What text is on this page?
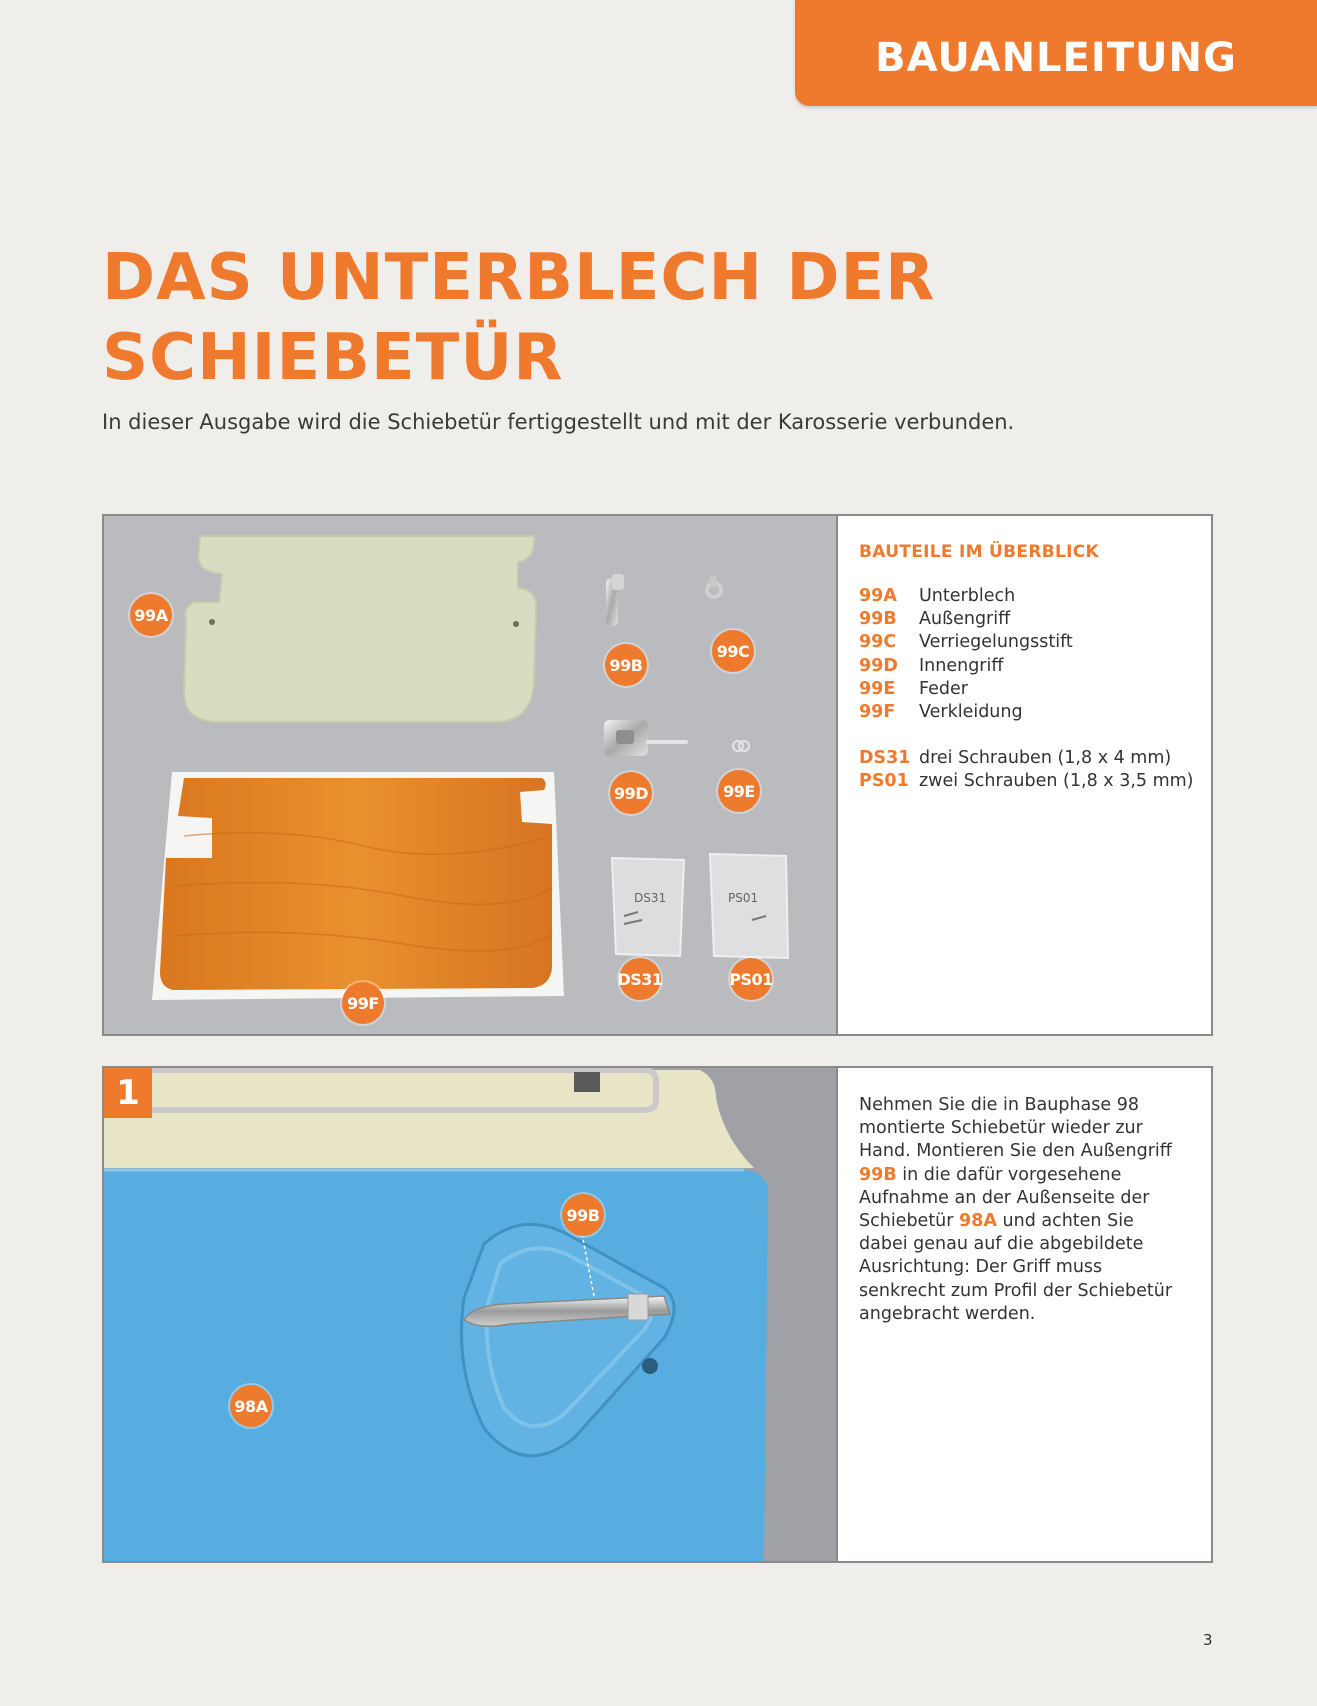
BAUANLEITUNG
DAS UNTERBLECH DER
SCHIEBETÜR

In dieser Ausgabe wird die Schiebetür fertiggestellt und mit der Karosserie verbunden.

DS31	PS01
99A
99B
99C
99D	99E
99F
DS31	PS01
BAUTEILE IM ÜBERBLICK
99A Unterblech
99B Außengriff
99C Verriegelungsstift
99D Innengriff
99E Feder
99F Verkleidung
DS31 drei Schrauben (1,8 x 4 mm)
PS01 zwei Schrauben (1,8 x 3,5 mm)
1
99B
98A

Nehmen Sie die in Bauphase 98 montierte Schiebetür wieder zur Hand. Montieren Sie den Außengriff 99B in die dafür vorgesehene Aufnahme an der Außenseite der Schiebetür 98A und achten Sie dabei genau auf die abgebildete Ausrichtung: Der Griff muss senkrecht zum Profil der Schiebetür angebracht werden.

3
